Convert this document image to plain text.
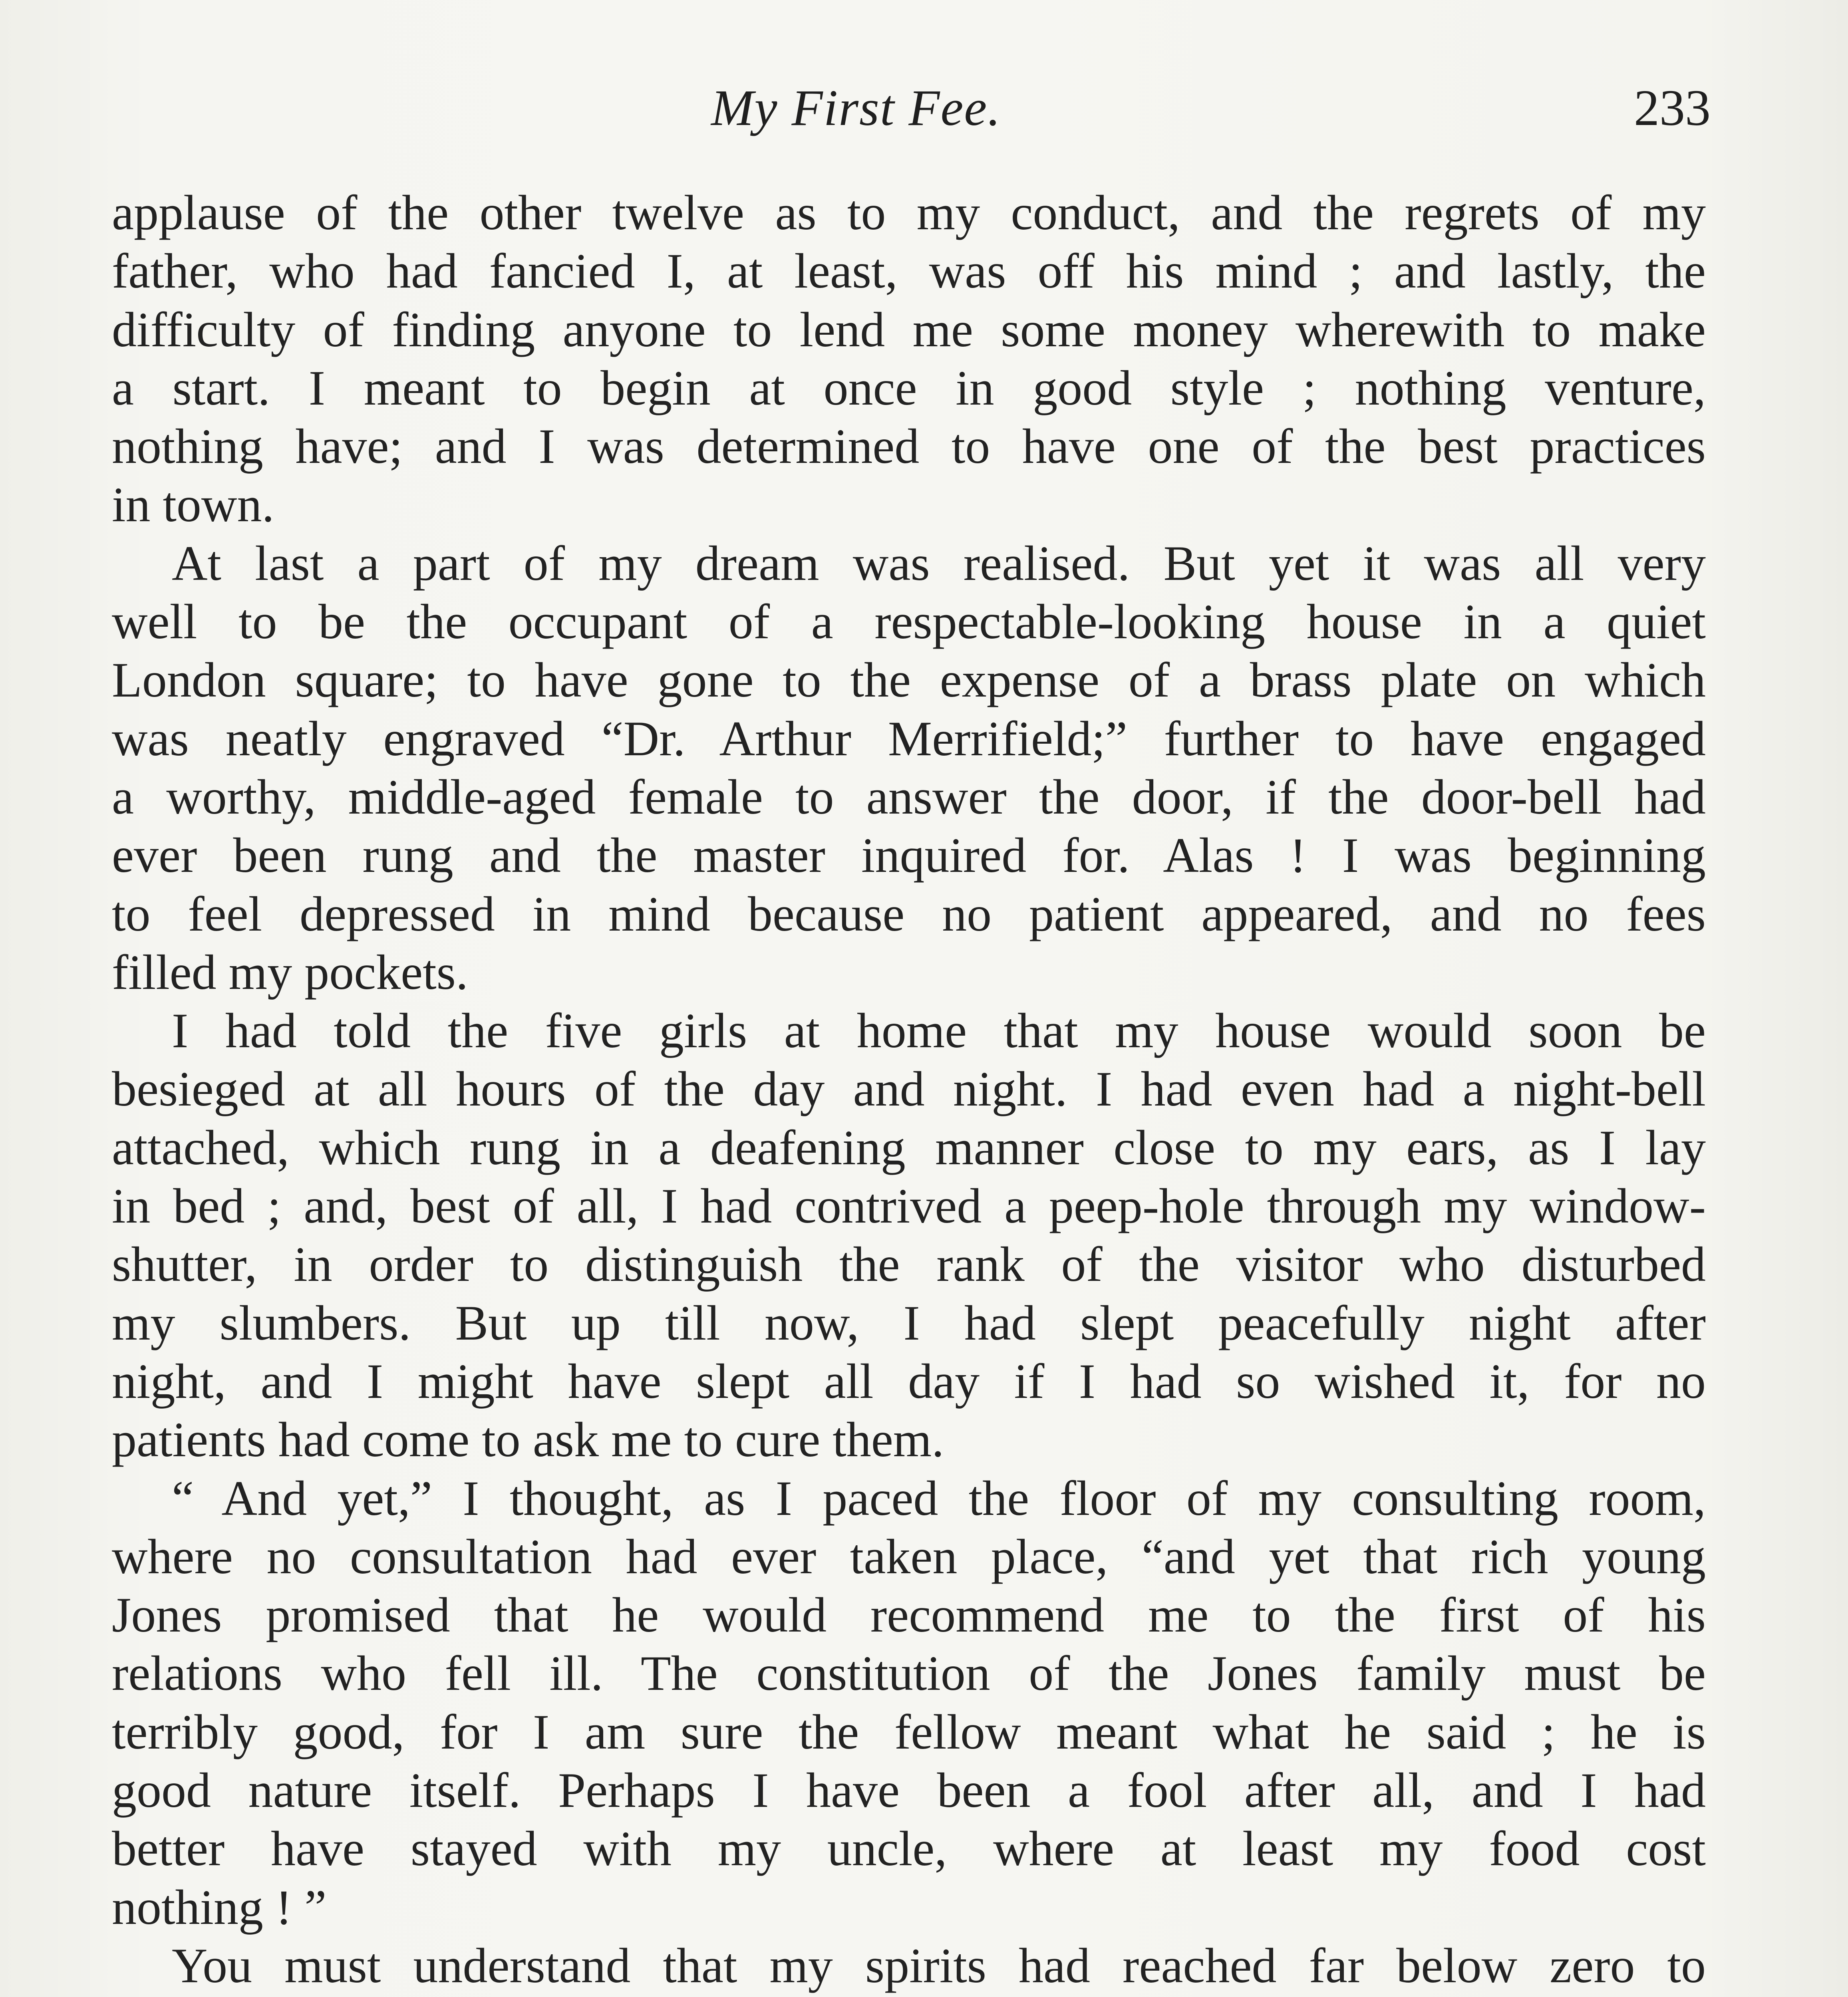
My First Fee.	233
applause of the other twelve as to my conduct, and the regrets of my
father, who had fancied I, at least, was off his mind ; and lastly, the
difficulty of finding anyone to lend me some money wherewith to make
a start. I meant to begin at once in good style ; nothing venture,
nothing have; and I was determined to have one of the best practices
in town.
At last a part of my dream was realised. But yet it was all very
well to be the occupant of a respectable-looking house in a quiet
London square; to have gone to the expense of a brass plate on which
was neatly engraved “Dr. Arthur Merrifield;” further to have engaged
a worthy, middle-aged female to answer the door, if the door-bell had
ever been rung and the master inquired for. Alas ! I was beginning
to feel depressed in mind because no patient appeared, and no fees
filled my pockets.
I had told the five girls at home that my house would soon be
besieged at all hours of the day and night. I had even had a night-bell
attached, which rung in a deafening manner close to my ears, as I lay
in bed ; and, best of all, I had contrived a peep-hole through my window-
shutter, in order to distinguish the rank of the visitor who disturbed
my slumbers. But up till now, I had slept peacefully night after
night, and I might have slept all day if I had so wished it, for no
patients had come to ask me to cure them.
“ And yet,” I thought, as I paced the floor of my consulting room,
where no consultation had ever taken place, “and yet that rich young
Jones promised that he would recommend me to the first of his
relations who fell ill. The constitution of the Jones family must be
terribly good, for I am sure the fellow meant what he said ; he is
good nature itself. Perhaps I have been a fool after all, and I had
better have stayed with my uncle, where at least my food cost
nothing ! ”
You must understand that my spirits had reached far below zero to
